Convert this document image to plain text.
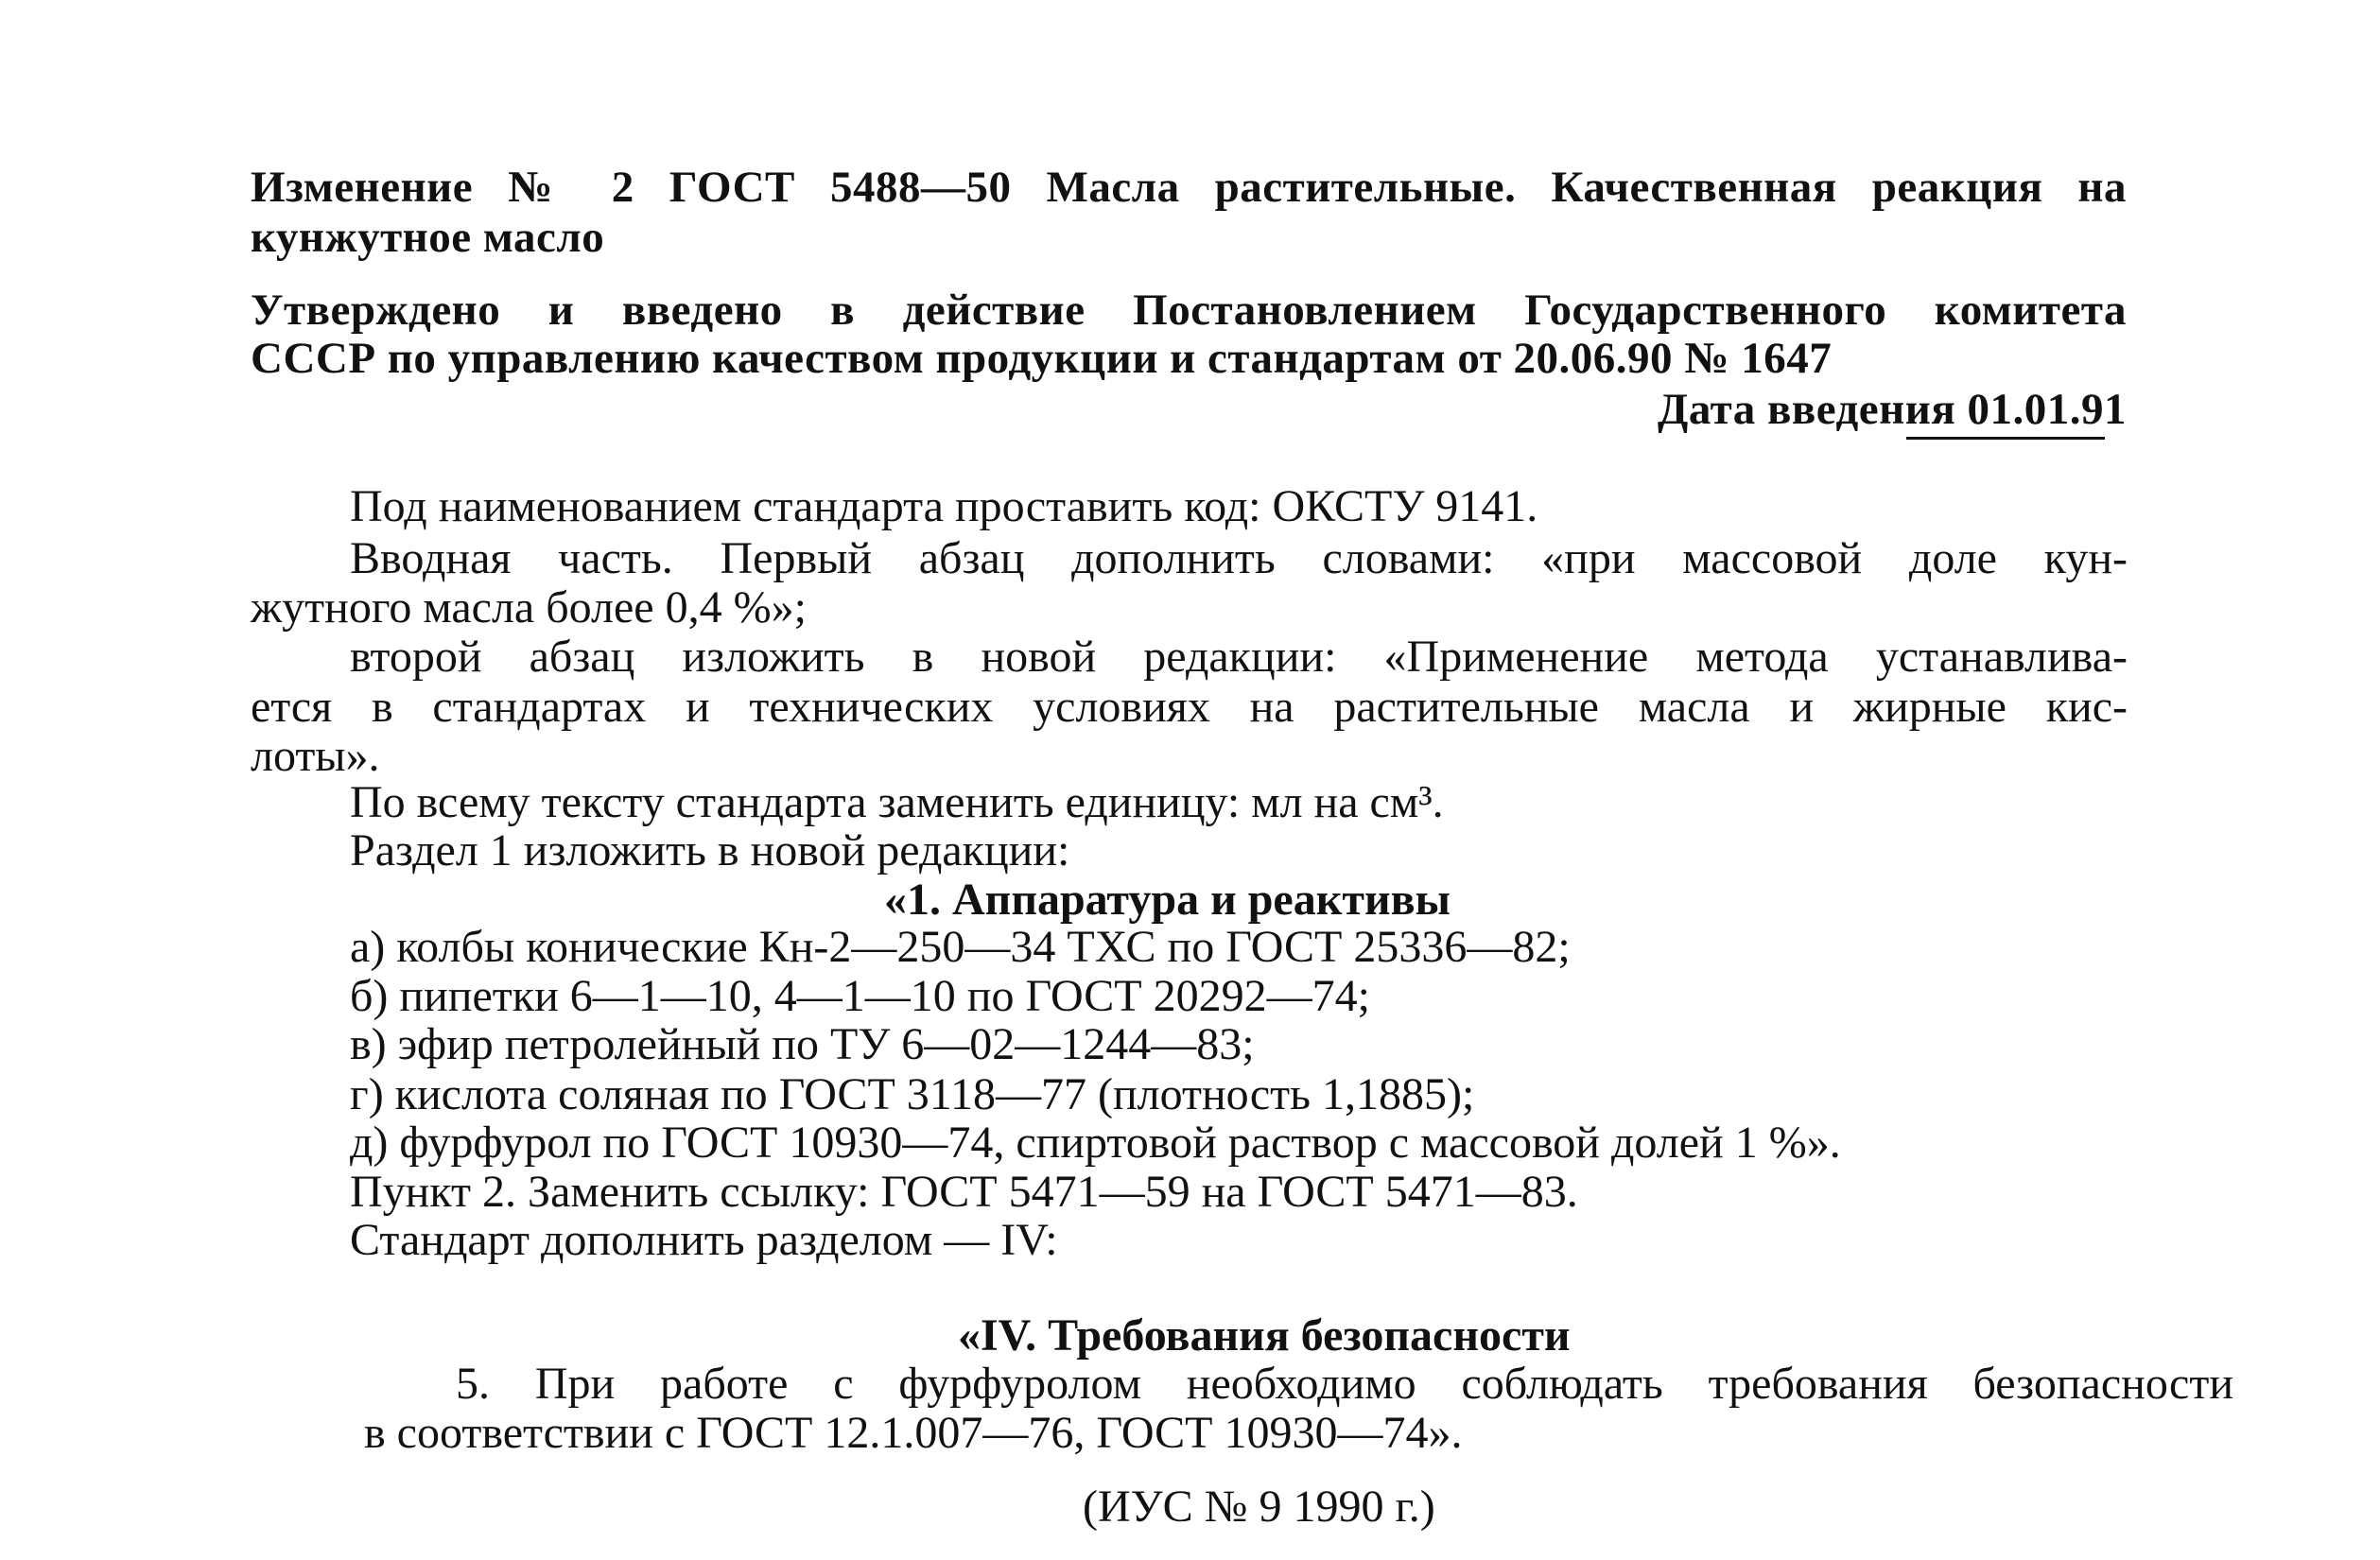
Изменение № 2 ГОСТ 5488—50 Масла растительные. Качественная реакция на
кунжутное масло
Утверждено и введено в действие Постановлением Государственного комитета
СССР по управлению качеством продукции и стандартам от 20.06.90 № 1647
Дата введения 01.01.91
Под наименованием стандарта проставить код: ОКСТУ 9141.
Вводная часть. Первый абзац дополнить словами: «при массовой доле кун-
жутного масла более 0,4 %»;
второй абзац изложить в новой редакции: «Применение метода устанавлива-
ется в стандартах и технических условиях на растительные масла и жирные кис-
лоты».
По всему тексту стандарта заменить единицу: мл на см³.
Раздел 1 изложить в новой редакции:
«1. Аппаратура и реактивы
а) колбы конические Кн-2—250—34 ТХС по ГОСТ 25336—82;
б) пипетки 6—1—10, 4—1—10 по ГОСТ 20292—74;
в) эфир петролейный по ТУ 6—02—1244—83;
г) кислота соляная по ГОСТ 3118—77 (плотность 1,1885);
д) фурфурол по ГОСТ 10930—74, спиртовой раствор с массовой долей 1 %».
Пункт 2. Заменить ссылку: ГОСТ 5471—59 на ГОСТ 5471—83.
Стандарт дополнить разделом — IV:
«IV. Требования безопасности
5. При работе с фурфуролом необходимо соблюдать требования безопасности
в соответствии с ГОСТ 12.1.007—76, ГОСТ 10930—74».
(ИУС № 9 1990 г.)
